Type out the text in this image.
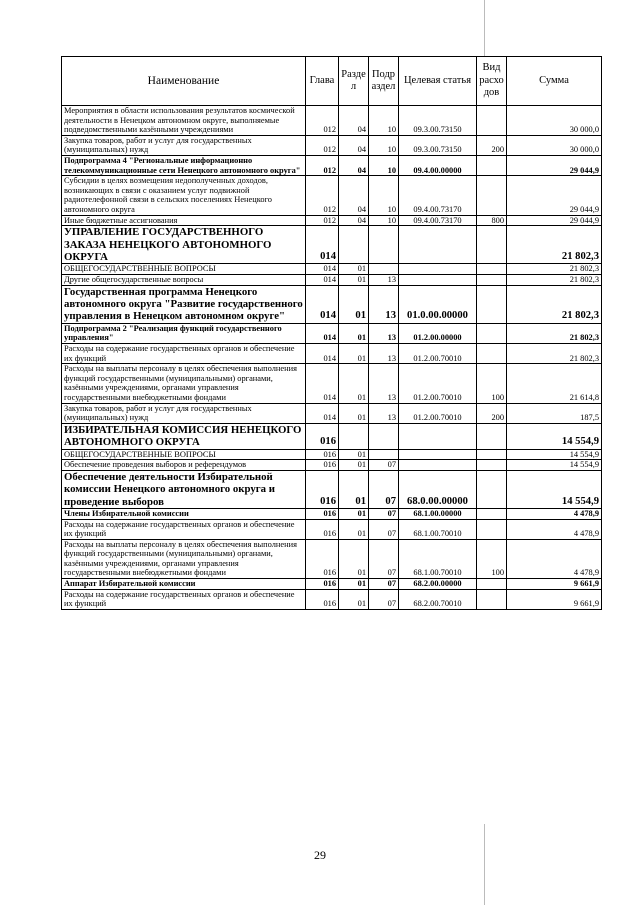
Наименование	Глава	Разде л	Подр аздел	Целевая статья	Вид расхо дов	Сумма
Мероприятия в области использования результатов космической деятельности в Ненецком автономном округе, выполняемые подведомственными казёнными учреждениями	012	04	10	09.3.00.73150		30 000,0
Закупка товаров, работ и услуг для государственных (муниципальных) нужд	012	04	10	09.3.00.73150	200	30 000,0
Подпрограмма 4 "Региональные информационно телекоммуникационные сети Ненецкого автономного округа"	012	04	10	09.4.00.00000		29 044,9
Субсидии в целях возмещения недополученных доходов, возникающих в связи с оказанием услуг подвижной радиотелефонной связи в сельских поселениях Ненецкого автономного округа	012	04	10	09.4.00.73170		29 044,9
Иные бюджетные ассигнования	012	04	10	09.4.00.73170	800	29 044,9
УПРАВЛЕНИЕ ГОСУДАРСТВЕННОГО ЗАКАЗА НЕНЕЦКОГО АВТОНОМНОГО ОКРУГА	014					21 802,3
ОБЩЕГОСУДАРСТВЕННЫЕ ВОПРОСЫ	014	01				21 802,3
Другие общегосударственные вопросы	014	01	13			21 802,3
Государственная программа Ненецкого автономного округа "Развитие государственного управления в Ненецком автономном округе"	014	01	13	01.0.00.00000		21 802,3
Подпрограмма 2 "Реализация функций государственного управления"	014	01	13	01.2.00.00000		21 802,3
Расходы на содержание государственных органов и обеспечение их функций	014	01	13	01.2.00.70010		21 802,3
Расходы на выплаты персоналу в целях обеспечения выполнения функций государственными (муниципальными) органами, казёнными учреждениями, органами управления государственными внебюджетными фондами	014	01	13	01.2.00.70010	100	21 614,8
Закупка товаров, работ и услуг для государственных (муниципальных) нужд	014	01	13	01.2.00.70010	200	187,5
ИЗБИРАТЕЛЬНАЯ КОМИССИЯ НЕНЕЦКОГО АВТОНОМНОГО ОКРУГА	016					14 554,9
ОБЩЕГОСУДАРСТВЕННЫЕ ВОПРОСЫ	016	01				14 554,9
Обеспечение проведения выборов и референдумов	016	01	07			14 554,9
Обеспечение деятельности Избирательной комиссии Ненецкого автономного округа и проведение выборов	016	01	07	68.0.00.00000		14 554,9
Члены Избирательной комиссии	016	01	07	68.1.00.00000		4 478,9
Расходы на содержание государственных органов и обеспечение их функций	016	01	07	68.1.00.70010		4 478,9
Расходы на выплаты персоналу в целях обеспечения выполнения функций государственными (муниципальными) органами, казёнными учреждениями, органами управления государственными внебюджетными фондами	016	01	07	68.1.00.70010	100	4 478,9
Аппарат Избирательной комиссии	016	01	07	68.2.00.00000		9 661,9
Расходы на содержание государственных органов и обеспечение их функций	016	01	07	68.2.00.70010		9 661,9
29
